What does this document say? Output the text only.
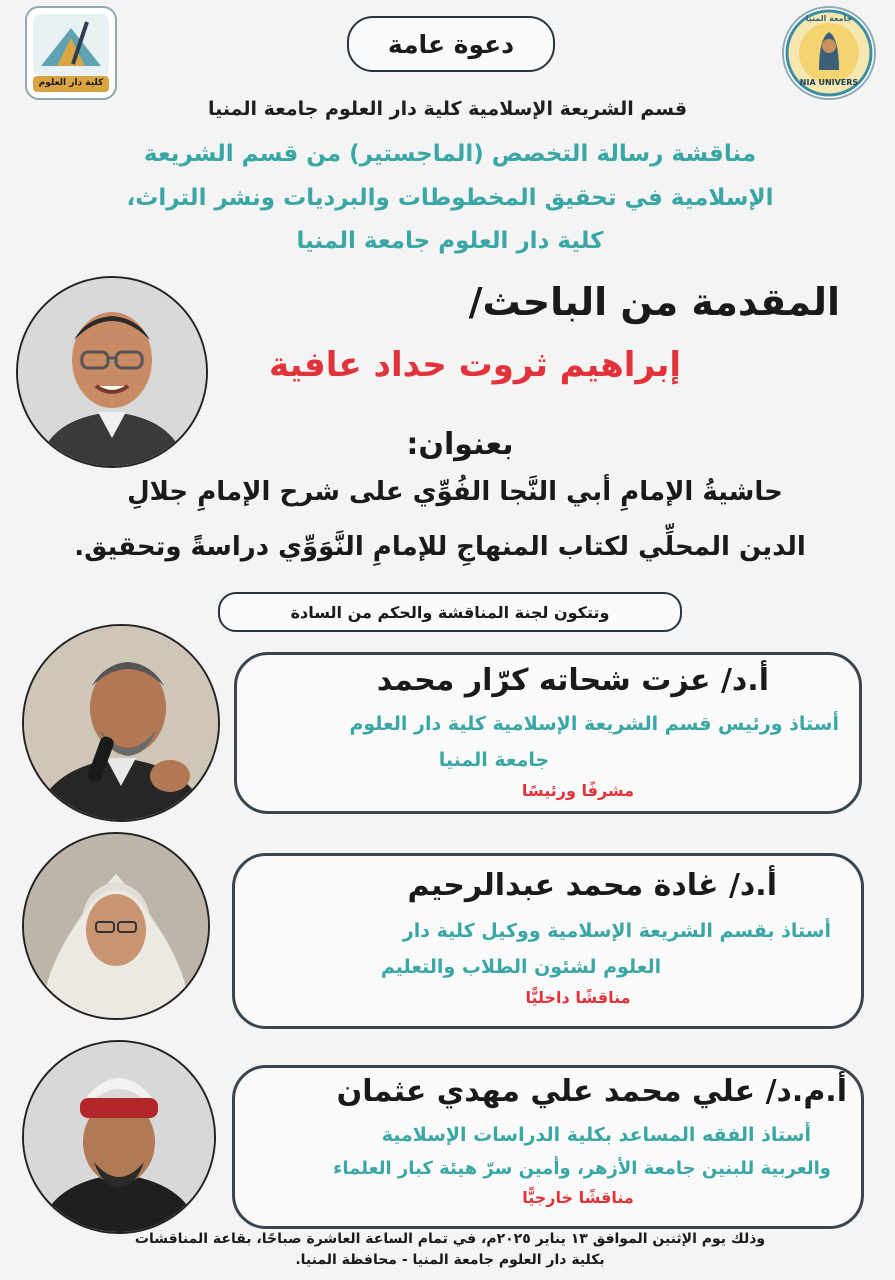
كلية دار العلوم
دعوة عامة
جامعة المنيا
NIA UNIVERS
قسم الشريعة الإسلامية كلية دار العلوم جامعة المنيا
مناقشة رسالة التخصص (الماجستير) من قسم الشريعة
الإسلامية في تحقيق المخطوطات والبرديات ونشر التراث،
كلية دار العلوم جامعة المنيا
المقدمة من الباحث/
إبراهيم ثروت حداد عافية
بعنوان:
حاشيةُ الإمامِ أبي النَّجا الفُوِّي على شرح الإمامِ جلالِ
الدين المحلِّي لكتاب المنهاجِ للإمامِ النَّوَوِّي دراسةً وتحقيق.
وتتكون لجنة المناقشة والحكم من السادة
أ.د/ عزت شحاته كرّار محمد
أستاذ ورئيس قسم الشريعة الإسلامية كلية دار العلوم
جامعة المنيا
مشرفًا ورئيسًا
أ.د/ غادة محمد عبدالرحيم
أستاذ بقسم الشريعة الإسلامية ووكيل كلية دار
العلوم لشئون الطلاب والتعليم
مناقشًا داخليًّا
أ.م.د/ علي محمد علي مهدي عثمان
أستاذ الفقه المساعد بكلية الدراسات الإسلامية
والعربية للبنين جامعة الأزهر، وأمين سرّ هيئة كبار العلماء
مناقشًا خارجيًّا
وذلك يوم الإثنين الموافق ١٣ يناير ٢٠٢٥م، في تمام الساعة العاشرة صباحًا، بقاعة المناقشات
بكلية دار العلوم جامعة المنيا - محافظة المنيا.
